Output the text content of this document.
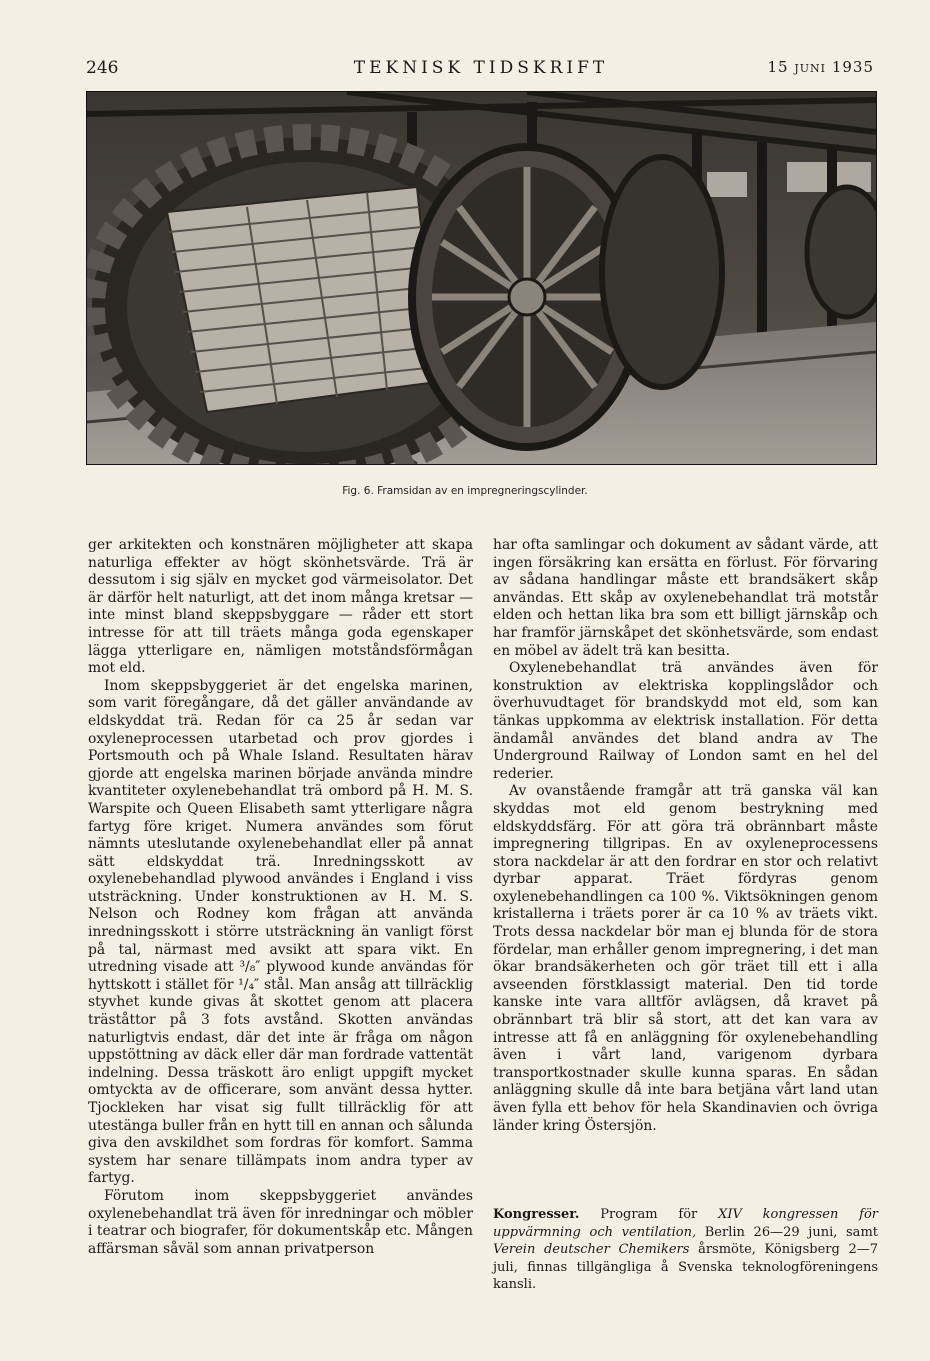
246	TEKNISK TIDSKRIFT	15 JUNI 1935
Fig. 6. Framsidan av en impregneringscylinder.

ger arkitekten och konstnären möjligheter att skapa naturliga effekter av högt skönhetsvärde. Trä är dessutom i sig själv en mycket god värmeisolator. Det är därför helt naturligt, att det inom många kretsar — inte minst bland skeppsbyggare — råder ett stort intresse för att till träets många goda egenskaper lägga ytterligare en, nämligen motståndsförmågan mot eld.

Inom skeppsbyggeriet är det engelska marinen, som varit föregångare, då det gäller användande av eldskyddat trä. Redan för ca 25 år sedan var oxyleneprocessen utarbetad och prov gjordes i Portsmouth och på Whale Island. Resultaten härav gjorde att engelska marinen började använda mindre kvantiteter oxylenebehandlat trä ombord på H. M. S. Warspite och Queen Elisabeth samt ytterligare några fartyg före kriget. Numera användes som förut nämnts uteslutande oxylenebehandlat eller på annat sätt eldskyddat trä. Inredningsskott av oxylenebehandlad plywood användes i England i viss utsträckning. Under konstruktionen av H. M. S. Nelson och Rodney kom frågan att använda inredningsskott i större utsträckning än vanligt först på tal, närmast med avsikt att spara vikt. En utredning visade att ³/₈″ plywood kunde användas för hyttskott i stället för ¹/₄″ stål. Man ansåg att tillräcklig styvhet kunde givas åt skottet genom att placera träståttor på 3 fots avstånd. Skotten användas naturligtvis endast, där det inte är fråga om någon uppstöttning av däck eller där man fordrade vattentät indelning. Dessa träskott äro enligt uppgift mycket omtyckta av de officerare, som använt dessa hytter. Tjockleken har visat sig fullt tillräcklig för att utestänga buller från en hytt till en annan och sålunda giva den avskildhet som fordras för komfort. Samma system har senare tillämpats inom andra typer av fartyg.

Förutom inom skeppsbyggeriet användes oxylenebehandlat trä även för inredningar och möbler i teatrar och biografer, för dokumentskåp etc. Mången affärsman såväl som annan privatperson

har ofta samlingar och dokument av sådant värde, att ingen försäkring kan ersätta en förlust. För förvaring av sådana handlingar måste ett brandsäkert skåp användas. Ett skåp av oxylenebehandlat trä motstår elden och hettan lika bra som ett billigt järnskåp och har framför järnskåpet det skönhetsvärde, som endast en möbel av ädelt trä kan besitta.

Oxylenebehandlat trä användes även för konstruktion av elektriska kopplingslådor och överhuvudtaget för brandskydd mot eld, som kan tänkas uppkomma av elektrisk installation. För detta ändamål användes det bland andra av The Underground Railway of London samt en hel del rederier.

Av ovanstående framgår att trä ganska väl kan skyddas mot eld genom bestrykning med eldskyddsfärg. För att göra trä obrännbart måste impregnering tillgripas. En av oxyleneprocessens stora nackdelar är att den fordrar en stor och relativt dyrbar apparat. Träet fördyras genom oxylenebehandlingen ca 100 %. Viktsökningen genom kristallerna i träets porer är ca 10 % av träets vikt. Trots dessa nackdelar bör man ej blunda för de stora fördelar, man erhåller genom impregnering, i det man ökar brandsäkerheten och gör träet till ett i alla avseenden förstklassigt material. Den tid torde kanske inte vara alltför avlägsen, då kravet på obrännbart trä blir så stort, att det kan vara av intresse att få en anläggning för oxylenebehandling även i vårt land, varigenom dyrbara transportkostnader skulle kunna sparas. En sådan anläggning skulle då inte bara betjäna vårt land utan även fylla ett behov för hela Skandinavien och övriga länder kring Östersjön.

Kongresser. Program för XIV kongressen för uppvärmning och ventilation, Berlin 26—29 juni, samt Verein deutscher Chemikers årsmöte, Königsberg 2—7 juli, finnas tillgängliga å Svenska teknologföreningens kansli.
